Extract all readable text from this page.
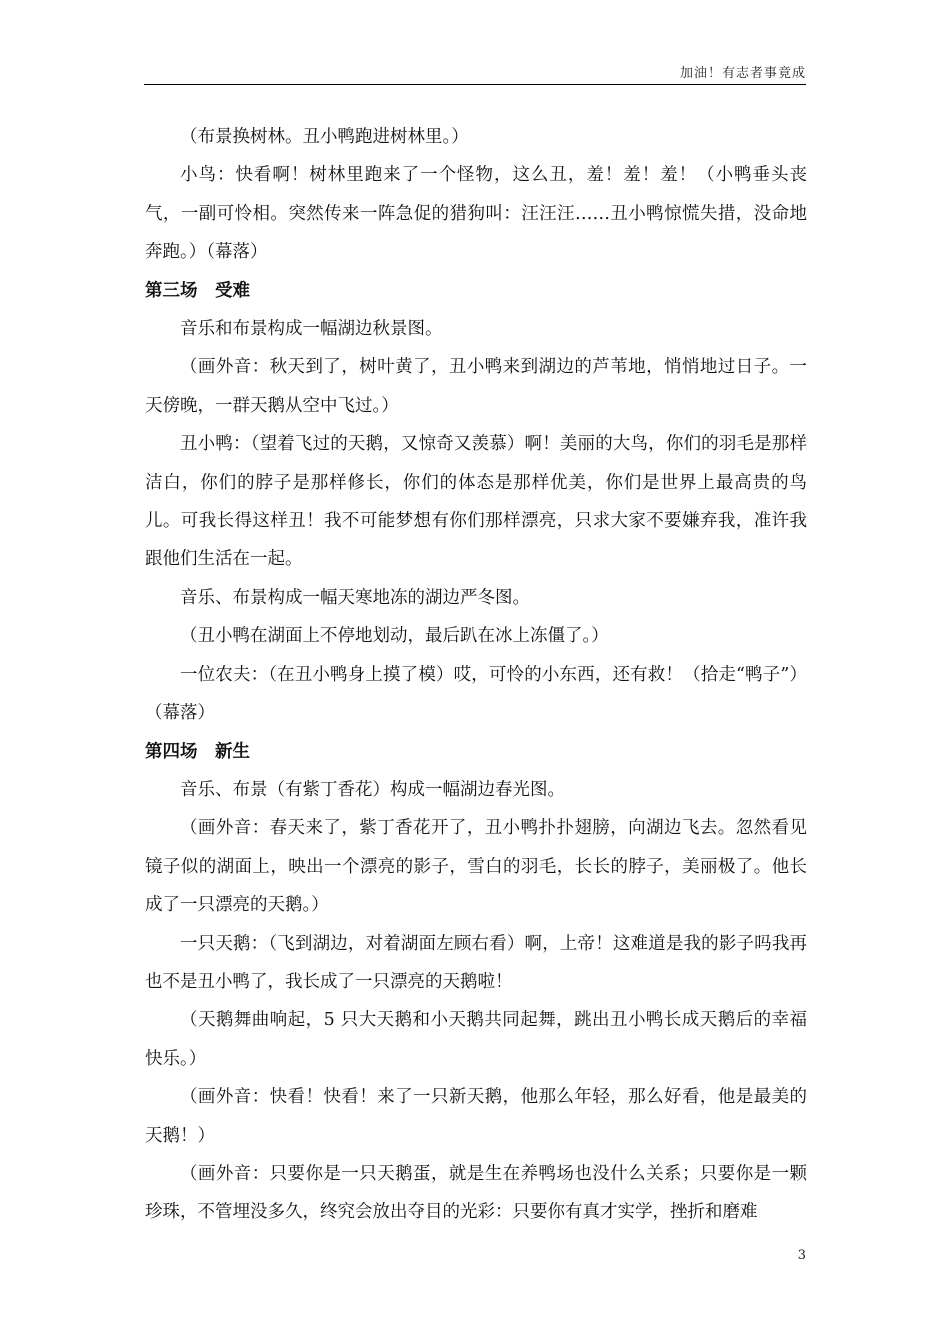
加油！有志者事竟成

（布景换树林。丑小鸭跑进树林里。）

小鸟：快看啊！树林里跑来了一个怪物，这么丑，羞！羞！羞！（小鸭垂头丧气，一副可怜相。突然传来一阵急促的猎狗叫：汪汪汪……丑小鸭惊慌失措，没命地奔跑。）（幕落）

第三场　受难

音乐和布景构成一幅湖边秋景图。

（画外音：秋天到了，树叶黄了，丑小鸭来到湖边的芦苇地，悄悄地过日子。一天傍晚，一群天鹅从空中飞过。）

丑小鸭：（望着飞过的天鹅，又惊奇又羡慕）啊！美丽的大鸟，你们的羽毛是那样洁白，你们的脖子是那样修长，你们的体态是那样优美，你们是世界上最高贵的鸟儿。可我长得这样丑！我不可能梦想有你们那样漂亮，只求大家不要嫌弃我，准许我跟他们生活在一起。

音乐、布景构成一幅天寒地冻的湖边严冬图。

（丑小鸭在湖面上不停地划动，最后趴在冰上冻僵了。）

一位农夫：（在丑小鸭身上摸了模）哎，可怜的小东西，还有救！（拾走“鸭子”）（幕落）

第四场　新生

音乐、布景（有紫丁香花）构成一幅湖边春光图。

（画外音：春天来了，紫丁香花开了，丑小鸭扑扑翅膀，向湖边飞去。忽然看见镜子似的湖面上，映出一个漂亮的影子，雪白的羽毛，长长的脖子，美丽极了。他长成了一只漂亮的天鹅。）

一只天鹅：（飞到湖边，对着湖面左顾右看）啊，上帝！这难道是我的影子吗我再也不是丑小鸭了，我长成了一只漂亮的天鹅啦！

（天鹅舞曲响起，5 只大天鹅和小天鹅共同起舞，跳出丑小鸭长成天鹅后的幸福快乐。）

（画外音：快看！快看！来了一只新天鹅，他那么年轻，那么好看，他是最美的天鹅！）

（画外音：只要你是一只天鹅蛋，就是生在养鸭场也没什么关系；只要你是一颗珍珠，不管埋没多久，终究会放出夺目的光彩：只要你有真才实学，挫折和磨难

3
